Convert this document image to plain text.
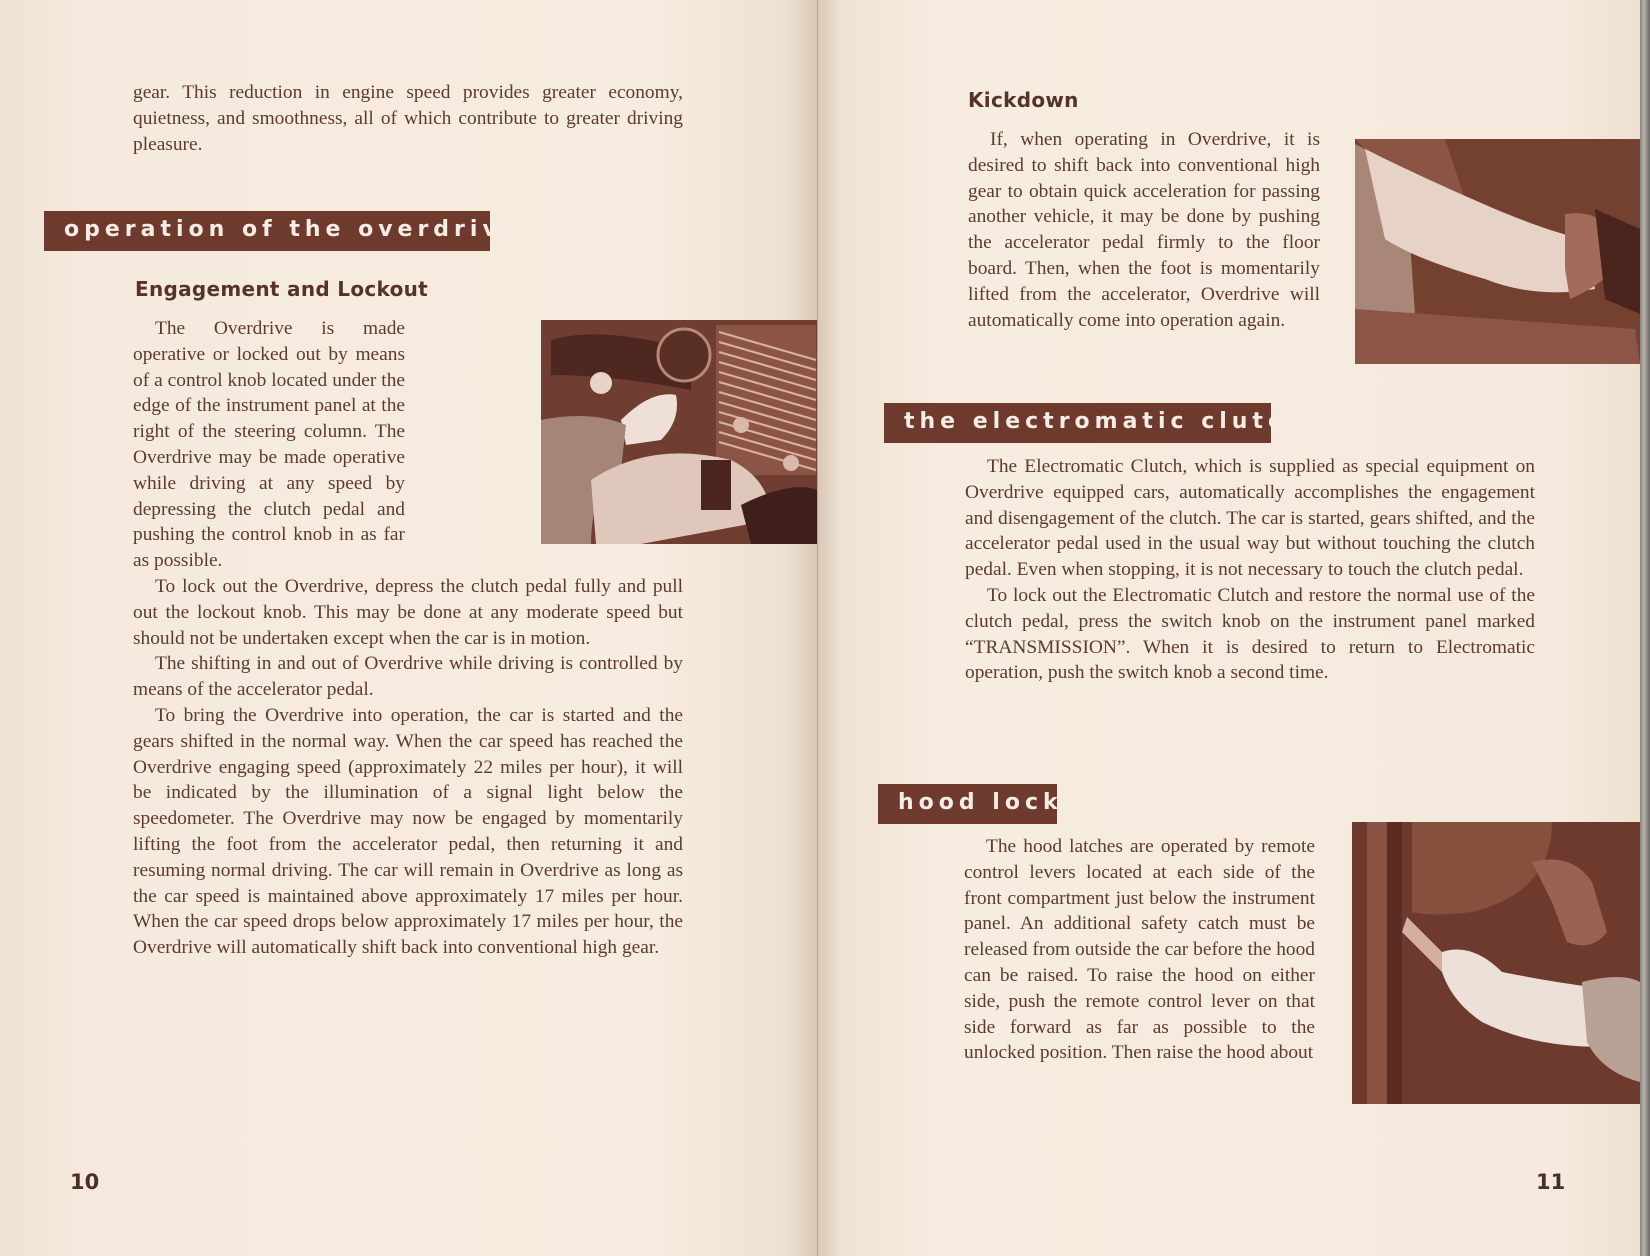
gear. This reduction in engine speed provides greater economy, quietness, and smoothness, all of which contribute to greater driving pleasure.

operation of the overdrive
Engagement and Lockout

The Overdrive is made operative or locked out by means of a control knob located under the edge of the instrument panel at the right of the steering column. The Overdrive may be made operative while driving at any speed by depressing the clutch pedal and pushing the control knob in as far as possible.

To lock out the Overdrive, depress the clutch pedal fully and pull out the lockout knob. This may be done at any moderate speed but should not be undertaken except when the car is in motion.

The shifting in and out of Overdrive while driving is controlled by means of the accelerator pedal.

To bring the Overdrive into operation, the car is started and the gears shifted in the normal way. When the car speed has reached the Overdrive engaging speed (approximately 22 miles per hour), it will be indicated by the illumination of a signal light below the speedometer. The Overdrive may now be engaged by momentarily lifting the foot from the accelerator pedal, then returning it and resuming normal driving. The car will remain in Overdrive as long as the car speed is maintained above approximately 17 miles per hour. When the car speed drops below approximately 17 miles per hour, the Overdrive will automatically shift back into conventional high gear.

10
Kickdown

If, when operating in Overdrive, it is desired to shift back into conventional high gear to obtain quick acceleration for passing another vehicle, it may be done by pushing the accelerator pedal firmly to the floor board. Then, when the foot is momentarily lifted from the accelerator, Overdrive will automatically come into operation again.

the electromatic clutch

The Electromatic Clutch, which is supplied as special equipment on Overdrive equipped cars, automatically accomplishes the engagement and disengagement of the clutch. The car is started, gears shifted, and the accelerator pedal used in the usual way but without touching the clutch pedal. Even when stopping, it is not necessary to touch the clutch pedal.

To lock out the Electromatic Clutch and restore the normal use of the clutch pedal, press the switch knob on the instrument panel marked “TRANSMISSION”. When it is desired to return to Electromatic operation, push the switch knob a second time.

hood lock

The hood latches are operated by remote control levers located at each side of the front compartment just below the instrument panel. An additional safety catch must be released from outside the car before the hood can be raised. To raise the hood on either side, push the remote control lever on that side forward as far as possible to the unlocked position. Then raise the hood about

11
